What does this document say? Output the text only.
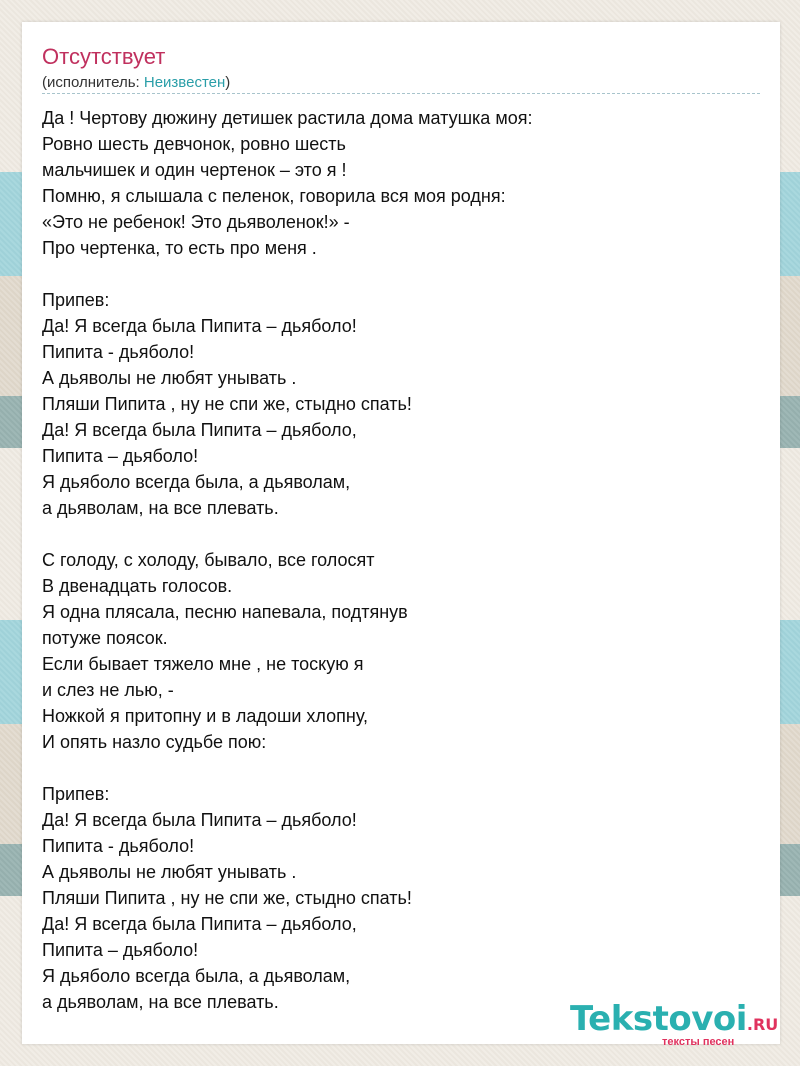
Отсутствует
(исполнитель: Неизвестен)
Да ! Чертову дюжину детишек растила дома матушка моя:
Ровно шесть девчонок, ровно шесть
мальчишек и один чертенок – это я !
Помню, я слышала с пеленок, говорила вся моя родня:
«Это не ребенок! Это дьяволенок!» -
Про чертенка, то есть про меня .
Припев:
Да! Я всегда была Пипита – дьяболо!
Пипита - дьяболо!
А дьяволы не любят унывать .
Пляши Пипита , ну не спи же, стыдно спать!
Да! Я всегда была Пипита – дьяболо,
Пипита – дьяболо!
Я дьяболо всегда была, а дьяволам,
а дьяволам, на все плевать.
С голоду, с холоду, бывало, все голосят
В двенадцать голосов.
Я одна плясала, песню напевала, подтянув
потуже поясок.
Если бывает тяжело мне , не тоскую я
и слез не лью, -
Ножкой я притопну и в ладоши хлопну,
И опять назло судьбе пою:
Припев:
Да! Я всегда была Пипита – дьяболо!
Пипита - дьяболо!
А дьяволы не любят унывать .
Пляши Пипита , ну не спи же, стыдно спать!
Да! Я всегда была Пипита – дьяболо,
Пипита – дьяболо!
Я дьяболо всегда была, а дьяволам,
а дьяволам, на все плевать.	Tekstovoi.RU
тексты песен
